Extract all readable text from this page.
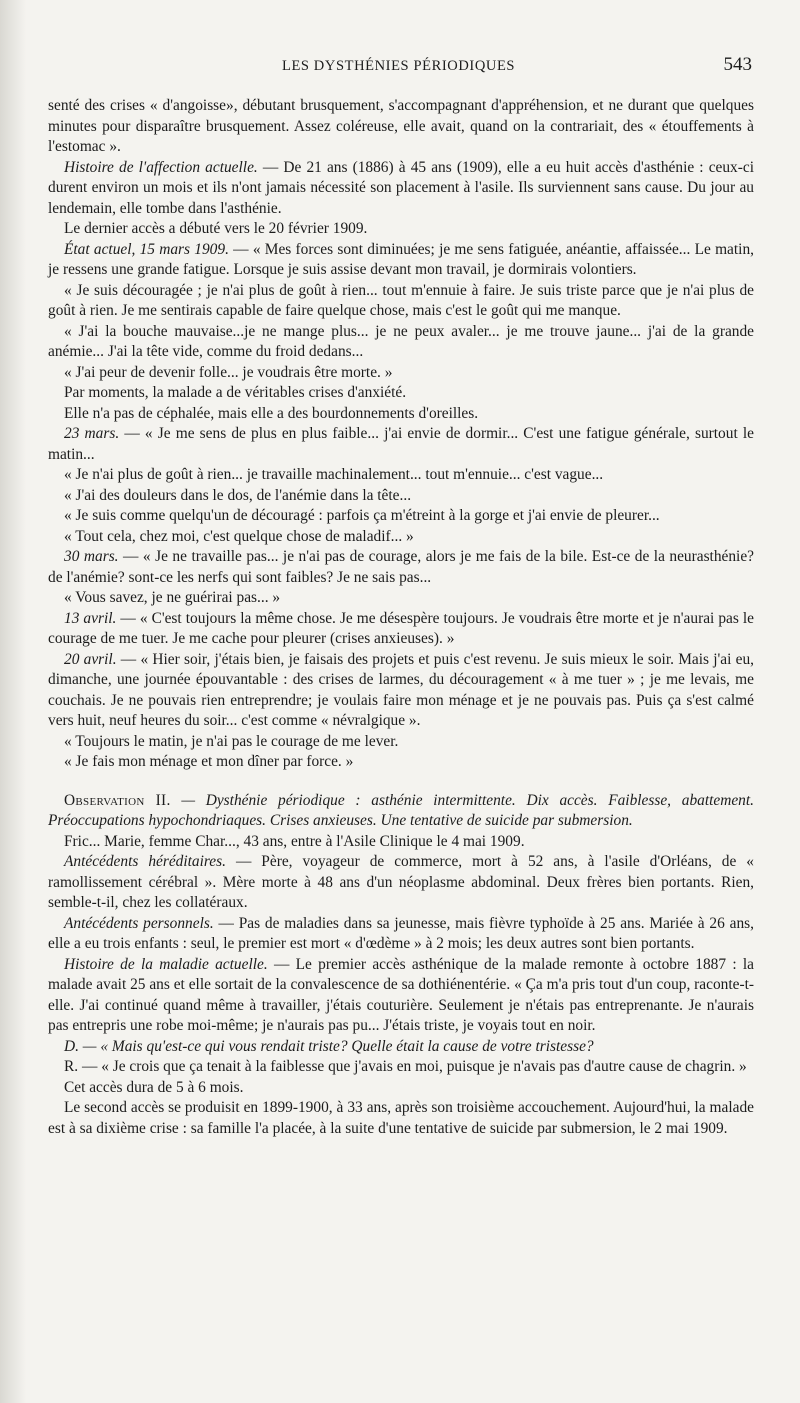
LES DYSTHÉNIES PÉRIODIQUES	543

senté des crises « d'angoisse», débutant brusquement, s'accompagnant d'appréhension, et ne durant que quelques minutes pour disparaître brusquement. Assez coléreuse, elle avait, quand on la contrariait, des « étouffements à l'estomac ».

Histoire de l'affection actuelle. — De 21 ans (1886) à 45 ans (1909), elle a eu huit accès d'asthénie : ceux-ci durent environ un mois et ils n'ont jamais nécessité son placement à l'asile. Ils surviennent sans cause. Du jour au lendemain, elle tombe dans l'asthénie.

Le dernier accès a débuté vers le 20 février 1909.

État actuel, 15 mars 1909. — « Mes forces sont diminuées; je me sens fatiguée, anéantie, affaissée... Le matin, je ressens une grande fatigue. Lorsque je suis assise devant mon travail, je dormirais volontiers.

« Je suis découragée ; je n'ai plus de goût à rien... tout m'ennuie à faire. Je suis triste parce que je n'ai plus de goût à rien. Je me sentirais capable de faire quelque chose, mais c'est le goût qui me manque.

« J'ai la bouche mauvaise...je ne mange plus... je ne peux avaler... je me trouve jaune... j'ai de la grande anémie... J'ai la tête vide, comme du froid dedans...

« J'ai peur de devenir folle... je voudrais être morte. »

Par moments, la malade a de véritables crises d'anxiété.

Elle n'a pas de céphalée, mais elle a des bourdonnements d'oreilles.

23 mars. — « Je me sens de plus en plus faible... j'ai envie de dormir... C'est une fatigue générale, surtout le matin...

« Je n'ai plus de goût à rien... je travaille machinalement... tout m'ennuie... c'est vague...

« J'ai des douleurs dans le dos, de l'anémie dans la tête...

« Je suis comme quelqu'un de découragé : parfois ça m'étreint à la gorge et j'ai envie de pleurer...

« Tout cela, chez moi, c'est quelque chose de maladif... »

30 mars. — « Je ne travaille pas... je n'ai pas de courage, alors je me fais de la bile. Est-ce de la neurasthénie? de l'anémie? sont-ce les nerfs qui sont faibles? Je ne sais pas...

« Vous savez, je ne guérirai pas... »

13 avril. — « C'est toujours la même chose. Je me désespère toujours. Je voudrais être morte et je n'aurai pas le courage de me tuer. Je me cache pour pleurer (crises anxieuses). »

20 avril. — « Hier soir, j'étais bien, je faisais des projets et puis c'est revenu. Je suis mieux le soir. Mais j'ai eu, dimanche, une journée épouvantable : des crises de larmes, du découragement « à me tuer » ; je me levais, me couchais. Je ne pouvais rien entreprendre; je voulais faire mon ménage et je ne pouvais pas. Puis ça s'est calmé vers huit, neuf heures du soir... c'est comme « névralgique ».

« Toujours le matin, je n'ai pas le courage de me lever.

« Je fais mon ménage et mon dîner par force. »

Observation II. — Dysthénie périodique : asthénie intermittente. Dix accès. Faiblesse, abattement. Préoccupations hypochondriaques. Crises anxieuses. Une tentative de suicide par submersion.

Fric... Marie, femme Char..., 43 ans, entre à l'Asile Clinique le 4 mai 1909.

Antécédents héréditaires. — Père, voyageur de commerce, mort à 52 ans, à l'asile d'Orléans, de « ramollissement cérébral ». Mère morte à 48 ans d'un néoplasme abdominal. Deux frères bien portants. Rien, semble-t-il, chez les collatéraux.

Antécédents personnels. — Pas de maladies dans sa jeunesse, mais fièvre typhoïde à 25 ans. Mariée à 26 ans, elle a eu trois enfants : seul, le premier est mort « d'œdème » à 2 mois; les deux autres sont bien portants.

Histoire de la maladie actuelle. — Le premier accès asthénique de la malade remonte à octobre 1887 : la malade avait 25 ans et elle sortait de la convalescence de sa dothiénentérie. « Ça m'a pris tout d'un coup, raconte-t-elle. J'ai continué quand même à travailler, j'étais couturière. Seulement je n'étais pas entreprenante. Je n'aurais pas entrepris une robe moi-même; je n'aurais pas pu... J'étais triste, je voyais tout en noir.

D. — « Mais qu'est-ce qui vous rendait triste? Quelle était la cause de votre tristesse?

R. — « Je crois que ça tenait à la faiblesse que j'avais en moi, puisque je n'avais pas d'autre cause de chagrin. »

Cet accès dura de 5 à 6 mois.

Le second accès se produisit en 1899-1900, à 33 ans, après son troisième accouchement. Aujourd'hui, la malade est à sa dixième crise : sa famille l'a placée, à la suite d'une tentative de suicide par submersion, le 2 mai 1909.
